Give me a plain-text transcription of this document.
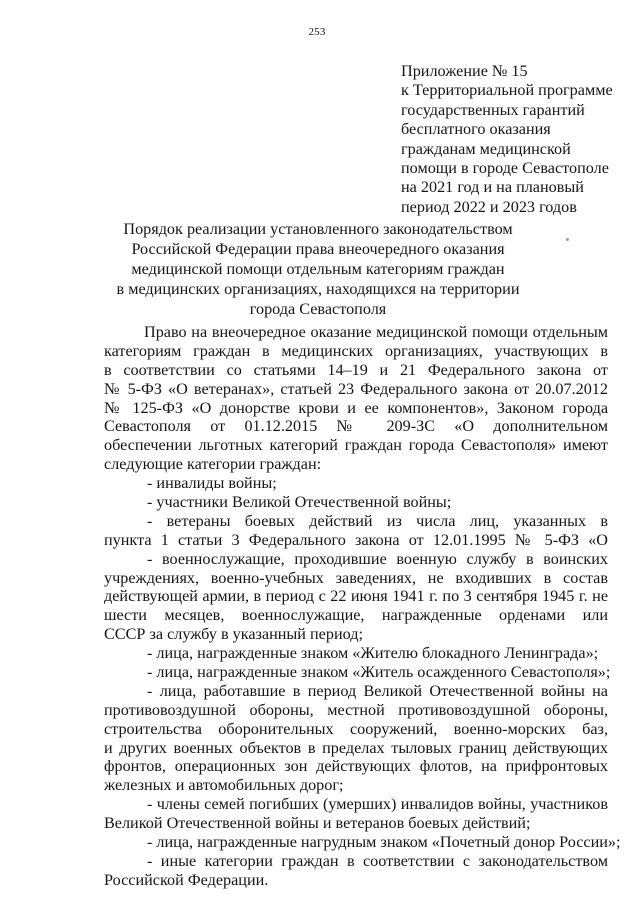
253
Приложение № 15
к Территориальной программе
государственных гарантий
бесплатного оказания
гражданам медицинской
помощи в городе Севастополе
на 2021 год и на плановый
период 2022 и 2023 годов
Порядок реализации установленного законодательством
Российской Федерации права внеочередного оказания
медицинской помощи отдельным категориям граждан
в медицинских организациях, находящихся на территории
города Севастополя
Право на внеочередное оказание медицинской помощи отдельным
категориям граждан в медицинских организациях, участвующих в
в соответствии со статьями 14–19 и 21 Федерального закона от
№ 5-ФЗ «О ветеранах», статьей 23 Федерального закона от 20.07.2012
№ 125-ФЗ «О донорстве крови и ее компонентов», Законом города
Севастополя от 01.12.2015 № 209-ЗС «О дополнительном
обеспечении льготных категорий граждан города Севастополя» имеют
следующие категории граждан:
- инвалиды войны;
- участники Великой Отечественной войны;
- ветераны боевых действий из числа лиц, указанных в
пункта 1 статьи 3 Федерального закона от 12.01.1995 № 5-ФЗ «О
- военнослужащие, проходившие военную службу в воинских
учреждениях, военно-учебных заведениях, не входивших в состав
действующей армии, в период с 22 июня 1941 г. по 3 сентября 1945 г. не
шести месяцев, военнослужащие, награжденные орденами или
СССР за службу в указанный период;
- лица, награжденные знаком «Жителю блокадного Ленинграда»;
- лица, награжденные знаком «Житель осажденного Севастополя»;
- лица, работавшие в период Великой Отечественной войны на
противовоздушной обороны, местной противовоздушной обороны,
строительства оборонительных сооружений, военно-морских баз,
и других военных объектов в пределах тыловых границ действующих
фронтов, операционных зон действующих флотов, на прифронтовых
железных и автомобильных дорог;
- члены семей погибших (умерших) инвалидов войны, участников
Великой Отечественной войны и ветеранов боевых действий;
- лица, награжденные нагрудным знаком «Почетный донор России»;
- иные категории граждан в соответствии с законодательством
Российской Федерации.
